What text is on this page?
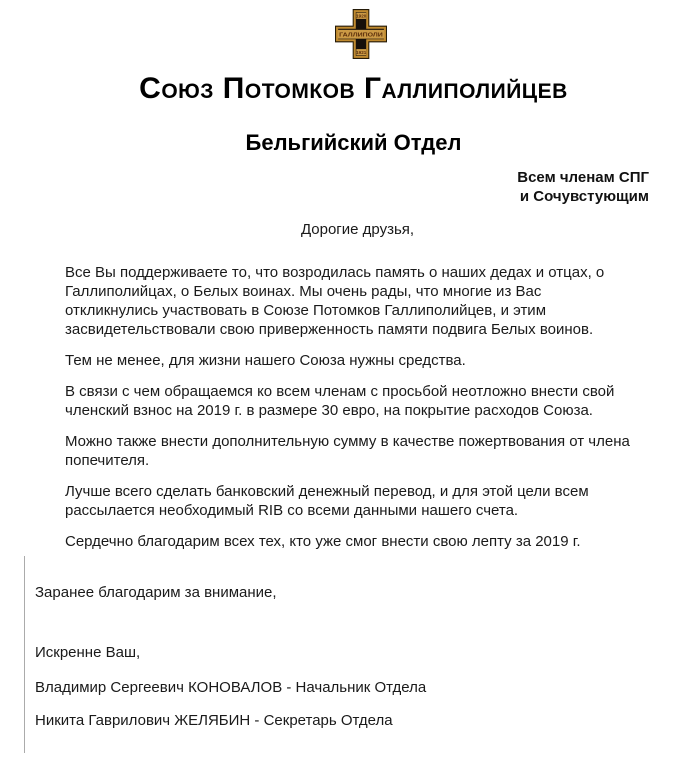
ГАЛЛИПОЛИ
1920
1921
Союз Потомков Галлиполийцев
Бельгийский Отдел
Всем членам СПГ
и Сочувстующим
Дорогие друзья,

Все Вы поддерживаете то, что возродилась память о наших дедах и отцах, о Галлиполийцах, о Белых воинах. Мы очень рады, что многие из Вас откликнулись участвовать в Союзе Потомков Галлиполийцев, и этим засвидетельствовали свою приверженность памяти подвига Белых воинов.

Тем не менее, для жизни нашего Союза нужны средства.

В связи с чем обращаемся ко всем членам с просьбой неотложно внести свой членский взнос на 2019 г. в размере 30 евро, на покрытие расходов Союза.

Можно также внести дополнительную сумму в качестве пожертвования от члена попечителя.

Лучше всего сделать банковский денежный перевод, и для этой цели всем рассылается необходимый RIB со всеми данными нашего счета.

Сердечно благодарим всех тех, кто уже смог внести свою лепту за 2019 г.

Заранее благодарим за внимание,
Искренне Ваш,
Владимир Сергеевич КОНОВАЛОВ - Начальник Отдела
Никита Гаврилович ЖЕЛЯБИН - Секретарь Отдела
